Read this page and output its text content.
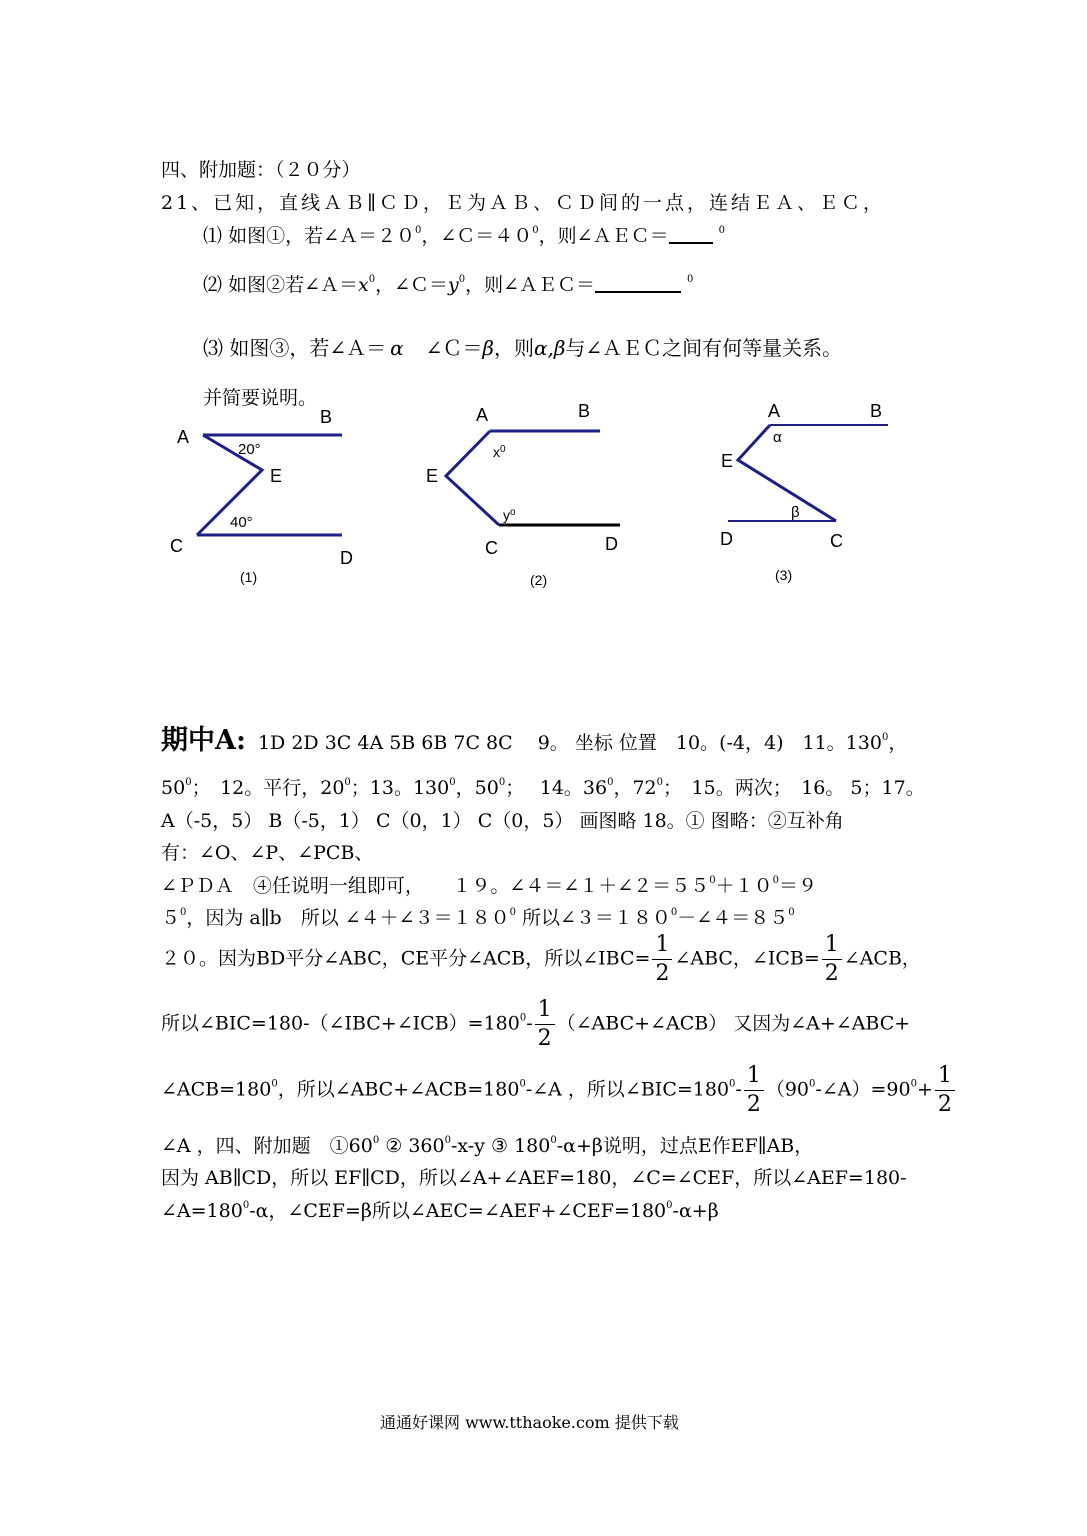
四、附加题：（２０分）
21、已知，直线ＡＢ∥ＣＤ，Ｅ为ＡＢ、ＣＤ间的一点，连结ＥＡ、ＥＣ，
⑴ 如图①，若$\angle A=20^0$，$\angle C=40^0$，则∠ＡＥＣ＝	$^0$
⑵ 如图②若$\angle A=x^0$，$\angle C=y^0$，则∠ＡＥＣ＝	$^0$
⑶ 如图③，若∠Ａ＝ α ∠Ｃ＝β，则α,β与∠ＡＥＣ之间有何等量关系。
并简要说明。
A
B
E
C
D
20°
40°
(1)
A	B
E
C	D
$x^0$
$y^o$
(2)
A	B
E
D	C
α
β
(3)
期中A: 1D 2D 3C 4A 5B 6B 7C 8C　 9。 坐标 位置　10。(-4，4)　11。$130^0$，
$50^0$；　12。平行，$20^0$；13。$130^0$，$50^0$；　 14。$36^0$，$72^0$；　15。两次；　16。 5；17。
A（-5，5） B（-5，1） C（0，1） C（0，5） 画图略 18。① 图略：②互补角
有：∠O、∠P、∠PCB、
∠ＰＤＡ　④任说明一组即可，　　１９。$\angle 4=\angle 1+\angle 2=55^0+10^0=9$
$5^0$，因为 a∥b　所以 $\angle 4+\angle 3=180^0$ 所以$\angle 3=180^0-\angle 4=85^0$
２０。因为BD平分∠ABC，CE平分∠ACB，所以∠IBC= $\frac{1}{2}$ ∠ABC，∠ICB= $\frac{1}{2}$ ∠ACB，
所以$\angle BIC=180-(\angle IBC+\angle ICB)=180^0- \frac{1}{2}$ （∠ABC+∠ACB） 又因为∠A+∠ABC+
$\angle ACB=180^0$，所以$\angle ABC+\angle ACB=180^0-\angle A$ ，所以$\angle BIC=180^0- \frac{1}{2}$ $(90^0-\angle A)=90^0+ \frac{1}{2}$
∠A ，四、附加题　$①60^0$ ② $360^0-x-y$ ③ $180^0-\alpha+\beta$说明，过点E作EF∥AB，
因为 AB∥CD，所以 EF∥CD，所以∠A+∠AEF=180，∠C=∠CEF，所以∠AEF=180-
$\angle A=180^0-\alpha$，∠CEF=β所以$\angle AEC=\angle AEF+\angle CEF=180^0-\alpha+\beta$
通通好课网 www.tthaoke.com 提供下载
